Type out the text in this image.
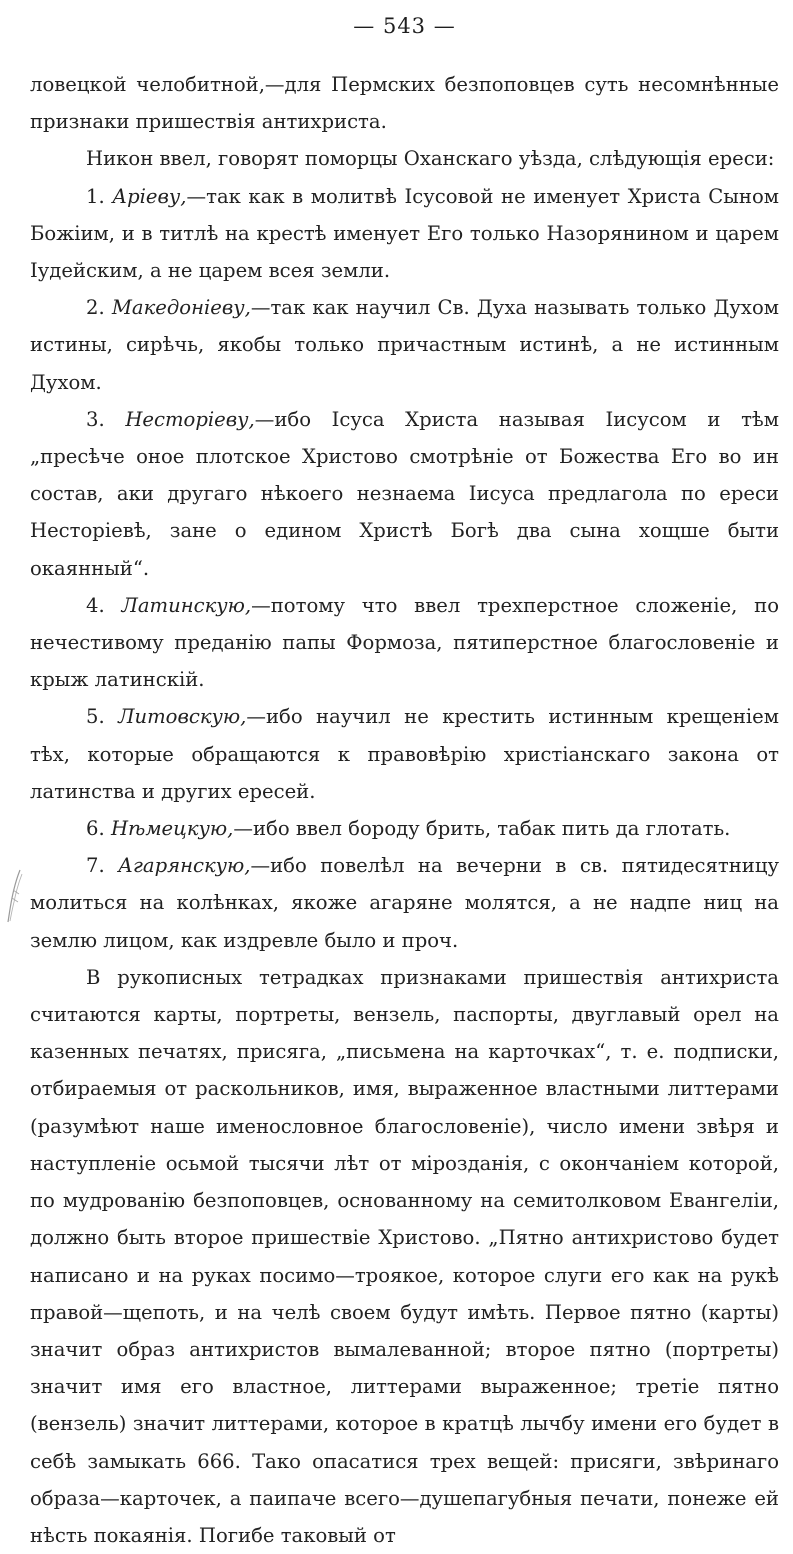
— 543 —

ловецкой челобитной,—для Пермских безпоповцев суть несомнѣнные признаки пришествія антихриста.

Никон ввел, говорят поморцы Оханскаго уѣзда, слѣдующія ереси:

1. Арiеву,—так как в молитвѣ Iсусовой не именует Христа Сыном Божiим, и в титлѣ на крестѣ именует Его только Назорянином и царем Iудейским, а не царем всея земли.

2. Македонiеву,—так как научил Св. Духа называть только Духом истины, сирѣчь, якобы только причастным истинѣ, а не истинным Духом.

3. Несторiеву,—ибо Iсуса Христа называя Iисусом и тѣм „пресѣче оное плотское Христово смотрѣнiе от Божества Его во ин состав, аки другаго нѣкоего незнаема Iисуса предлагола по ереси Несторiевѣ, зане о едином Христѣ Богѣ два сына хощше быти окаянный“.

4. Латинскую,—потому что ввел трехперстное сложенiе, по нечестивому преданiю папы Формоза, пятиперстное благословенiе и крыж латинскiй.

5. Литовскую,—ибо научил не крестить истинным крещенiем тѣх, которые обращаются к правовѣрiю христiанскаго закона от латинства и других ересей.

6. Нѣмецкую,—ибо ввел бороду брить, табак пить да глотать.

7. Агарянскую,—ибо повелѣл на вечерни в св. пятидесятницу молиться на колѣнках, якоже агаряне молятся, а не надпе ниц на землю лицом, как издревле было и проч.

В рукописных тетрадках признаками пришествія антихриста считаются карты, портреты, вензель, паспорты, двуглавый орел на казенных печатях, присяга, „письмена на карточках“, т. е. подписки, отбираемыя от раскольников, имя, выраженное властными литтерами (разумѣют наше именословное благословенiе), число имени звѣря и наступленiе осьмой тысячи лѣт от мiрозданiя, с окончанiем которой, по мудрованiю безпоповцев, основанному на семитолковом Евангелiи, должно быть второе пришествiе Христово. „Пятно антихристово будет написано и на руках посимо—троякое, которое слуги его как на рукѣ правой—щепоть, и на челѣ своем будут имѣть. Первое пятно (карты) значит образ антихристов вымалеванной; второе пятно (портреты) значит имя его властное, литтерами выраженное; третiе пятно (вензель) значит литтерами, которое в кратцѣ лычбу имени его будет в себѣ замыкать 666. Тако опасатися трех вещей: присяги, звѣринаго образа—карточек, а паипаче всего—душепагубныя печати, понеже ей нѣсть покаянiя. Погибе таковый от
